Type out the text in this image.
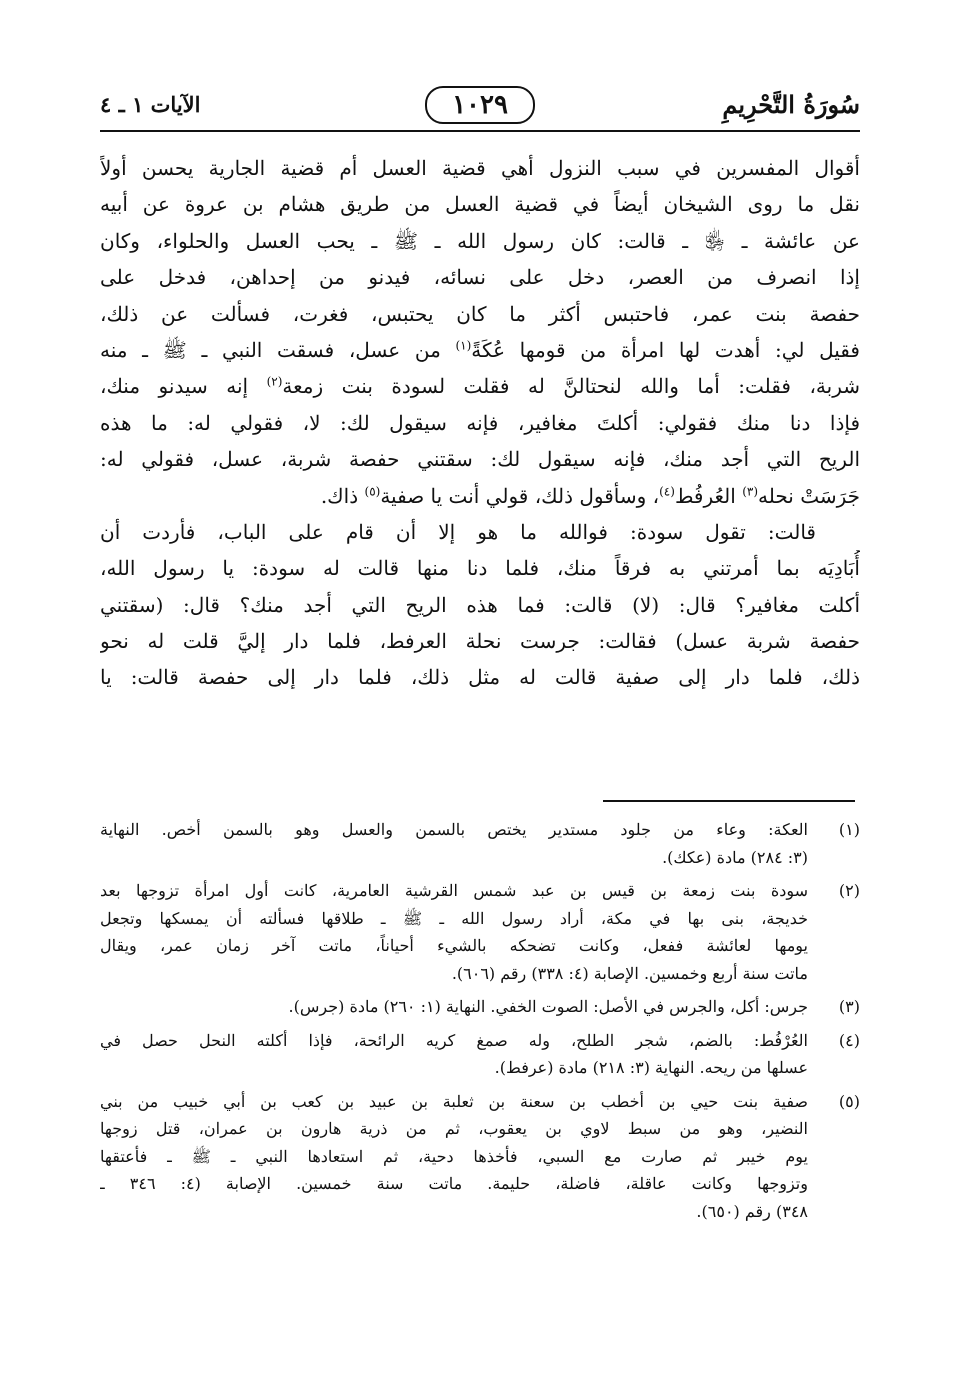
سُورَةُ التَّحْرِيمِ
١٠٢٩
الآيات ١ ـ ٤
أقوال المفسرين في سبب النزول أهي قضية العسل أم قضية الجارية يحسن أولاً
نقل ما روى الشيخان أيضاً في قضية العسل من طريق هشام بن عروة عن أبيه
عن عائشة ـ ﵂ ـ قالت: كان رسول الله ـ ﷺ ـ يحب العسل والحلواء، وكان
إذا انصرف من العصر، دخل على نسائه، فيدنو من إحداهن، فدخل على
حفصة بنت عمر، فاحتبس أكثر ما كان يحتبس، فغرت، فسألت عن ذلك،
فقيل لي: أهدت لها امرأة من قومها عُكَةً$^{(١)}$ من عسل، فسقت النبي ـ ﷺ ـ منه
شربة، فقلت: أما والله لنحتالنَّ له فقلت لسودة بنت زمعة$^{(٢)}$ إنه سيدنو منك،
فإذا دنا منك فقولي: أكلتَ مغافير، فإنه سيقول لك: لا، فقولي له: ما هذه
الريح التي أجد منك، فإنه سيقول لك: سقتني حفصة شربة، عسل، فقولي له:
جَرَسَتْ نحله$^{(٣)}$ العُرفُط$^{(٤)}$، وسأقول ذلك، قولي أنت يا صفية$^{(٥)}$ ذاك.
قالت: تقول سودة: فوالله ما هو إلا أن قام على الباب، فأردت أن
أُبَادِيَه بما أمرتني به فرقاً منك، فلما دنا منها قالت له سودة: يا رسول الله،
أكلت مغافير؟ قال: (لا) قالت: فما هذه الريح التي أجد منك؟ قال: (سقتني
حفصة شربة عسل) فقالت: جرست نحلة العرفط، فلما دار إليَّ قلت له نحو
ذلك، فلما دار إلى صفية قالت له مثل ذلك، فلما دار إلى حفصة قالت: يا
(١)
العكة: وعاء من جلود مستدير يختص بالسمن والعسل وهو بالسمن أخص. النهاية
(٣: ٢٨٤) مادة (عكك).
(٢)
سودة بنت زمعة بن قيس بن عبد شمس القرشية العامرية، كانت أول امرأة تزوجها بعد
خديجة، بنى بها في مكة، أراد رسول الله ـ ﷺ ـ طلاقها فسألته أن يمسكها وتجعل
يومها لعائشة ففعل، وكانت تضحكه بالشيء أحياناً، ماتت آخر زمان عمر، ويقال
ماتت سنة أربع وخمسين. الإصابة (٤: ٣٣٨) رقم (٦٠٦).
(٣)
جرس: أكل، والجرس في الأصل: الصوت الخفي. النهاية (١: ٢٦٠) مادة (جرس).
(٤)
العُرْفُط: بالضم، شجر الطلح، وله صمغ كريه الرائحة، فإذا أكلته النحل حصل في
عسلها من ريحه. النهاية (٣: ٢١٨) مادة (عرفط).
(٥)
صفية بنت حيي بن أخطب بن سعنة بن ثعلبة بن عبيد بن كعب بن أبي خبيب من بني
النضير، وهو من سبط لاوي بن يعقوب، ثم من ذرية هارون بن عمران، قتل زوجها
يوم خيبر ثم صارت مع السبي، فأخذها دحية، ثم استعادها النبي ـ ﷺ ـ فأعتقها
وتزوجها وكانت عاقلة، فاضلة، حليمة. ماتت سنة خمسين. الإصابة (٤: ٣٤٦ ـ
٣٤٨) رقم (٦٥٠).
